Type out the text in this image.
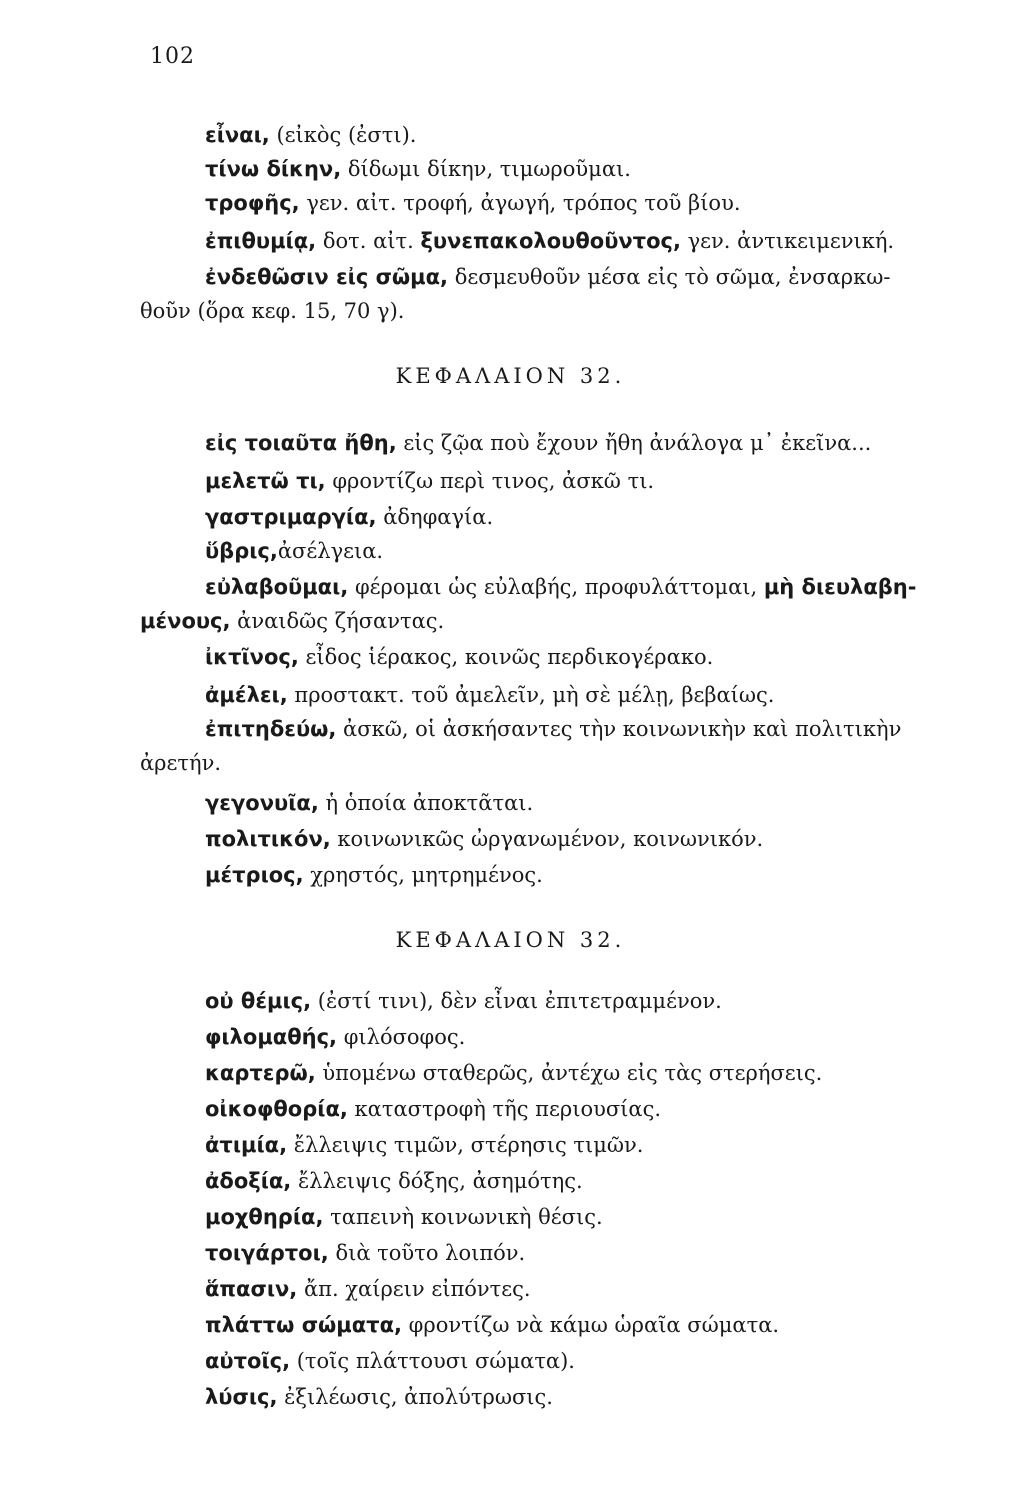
102
εἶναι, (εἰκὸς (ἐστι).
τίνω δίκην, δίδωμι δίκην, τιμωροῦμαι.
τροφῆς, γεν. αἰτ. τροφή, ἀγωγή, τρόπος τοῦ βίου.
ἐπιθυμίᾳ, δοτ. αἰτ. ξυνεπακολουθοῦντος, γεν. ἀντικειμενική.
ἐνδεθῶσιν εἰς σῶμα, δεσμευθοῦν μέσα εἰς τὸ σῶμα, ἐνσαρκω-
θοῦν (ὅρα κεφ. 15, 70 γ).
ΚΕΦΑΛΑΙΟΝ 32.
εἰς τοιαῦτα ἤθη, εἰς ζῷα ποὺ ἔχουν ἤθη ἀνάλογα μ᾿ ἐκεῖνα...
μελετῶ τι, φροντίζω περὶ τινος, ἀσκῶ τι.
γαστριμαργία, ἀδηφαγία.
ὕβρις,ἀσέλγεια.
εὐλαβοῦμαι, φέρομαι ὡς εὐλαβής, προφυλάττομαι, μὴ διευλαβη-
μένους, ἀναιδῶς ζήσαντας.
ἰκτῖνος, εἶδος ἱέρακος, κοινῶς περδικογέρακο.
ἀμέλει, προστακτ. τοῦ ἀμελεῖν, μὴ σὲ μέλῃ, βεβαίως.
ἐπιτηδεύω, ἀσκῶ, οἱ ἀσκήσαντες τὴν κοινωνικὴν καὶ πολιτικὴν
ἀρετήν.
γεγονυῖα, ἡ ὁποία ἀποκτᾶται.
πολιτικόν, κοινωνικῶς ὠργανωμένον, κοινωνικόν.
μέτριος, χρηστός, μητρημένος.
ΚΕΦΑΛΑΙΟΝ 32.
οὐ θέμις, (ἐστί τινι), δὲν εἶναι ἐπιτετραμμένον.
φιλομαθής, φιλόσοφος.
καρτερῶ, ὑπομένω σταθερῶς, ἀντέχω εἰς τὰς στερήσεις.
οἰκοφθορία, καταστροφὴ τῆς περιουσίας.
ἀτιμία, ἔλλειψις τιμῶν, στέρησις τιμῶν.
ἀδοξία, ἔλλειψις δόξης, ἀσημότης.
μοχθηρία, ταπεινὴ κοινωνικὴ θέσις.
τοιγάρτοι, διὰ τοῦτο λοιπόν.
ἅπασιν, ἄπ. χαίρειν εἰπόντες.
πλάττω σώματα, φροντίζω νὰ κάμω ὡραῖα σώματα.
αὐτοῖς, (τοῖς πλάττουσι σώματα).
λύσις, ἐξιλέωσις, ἀπολύτρωσις.
